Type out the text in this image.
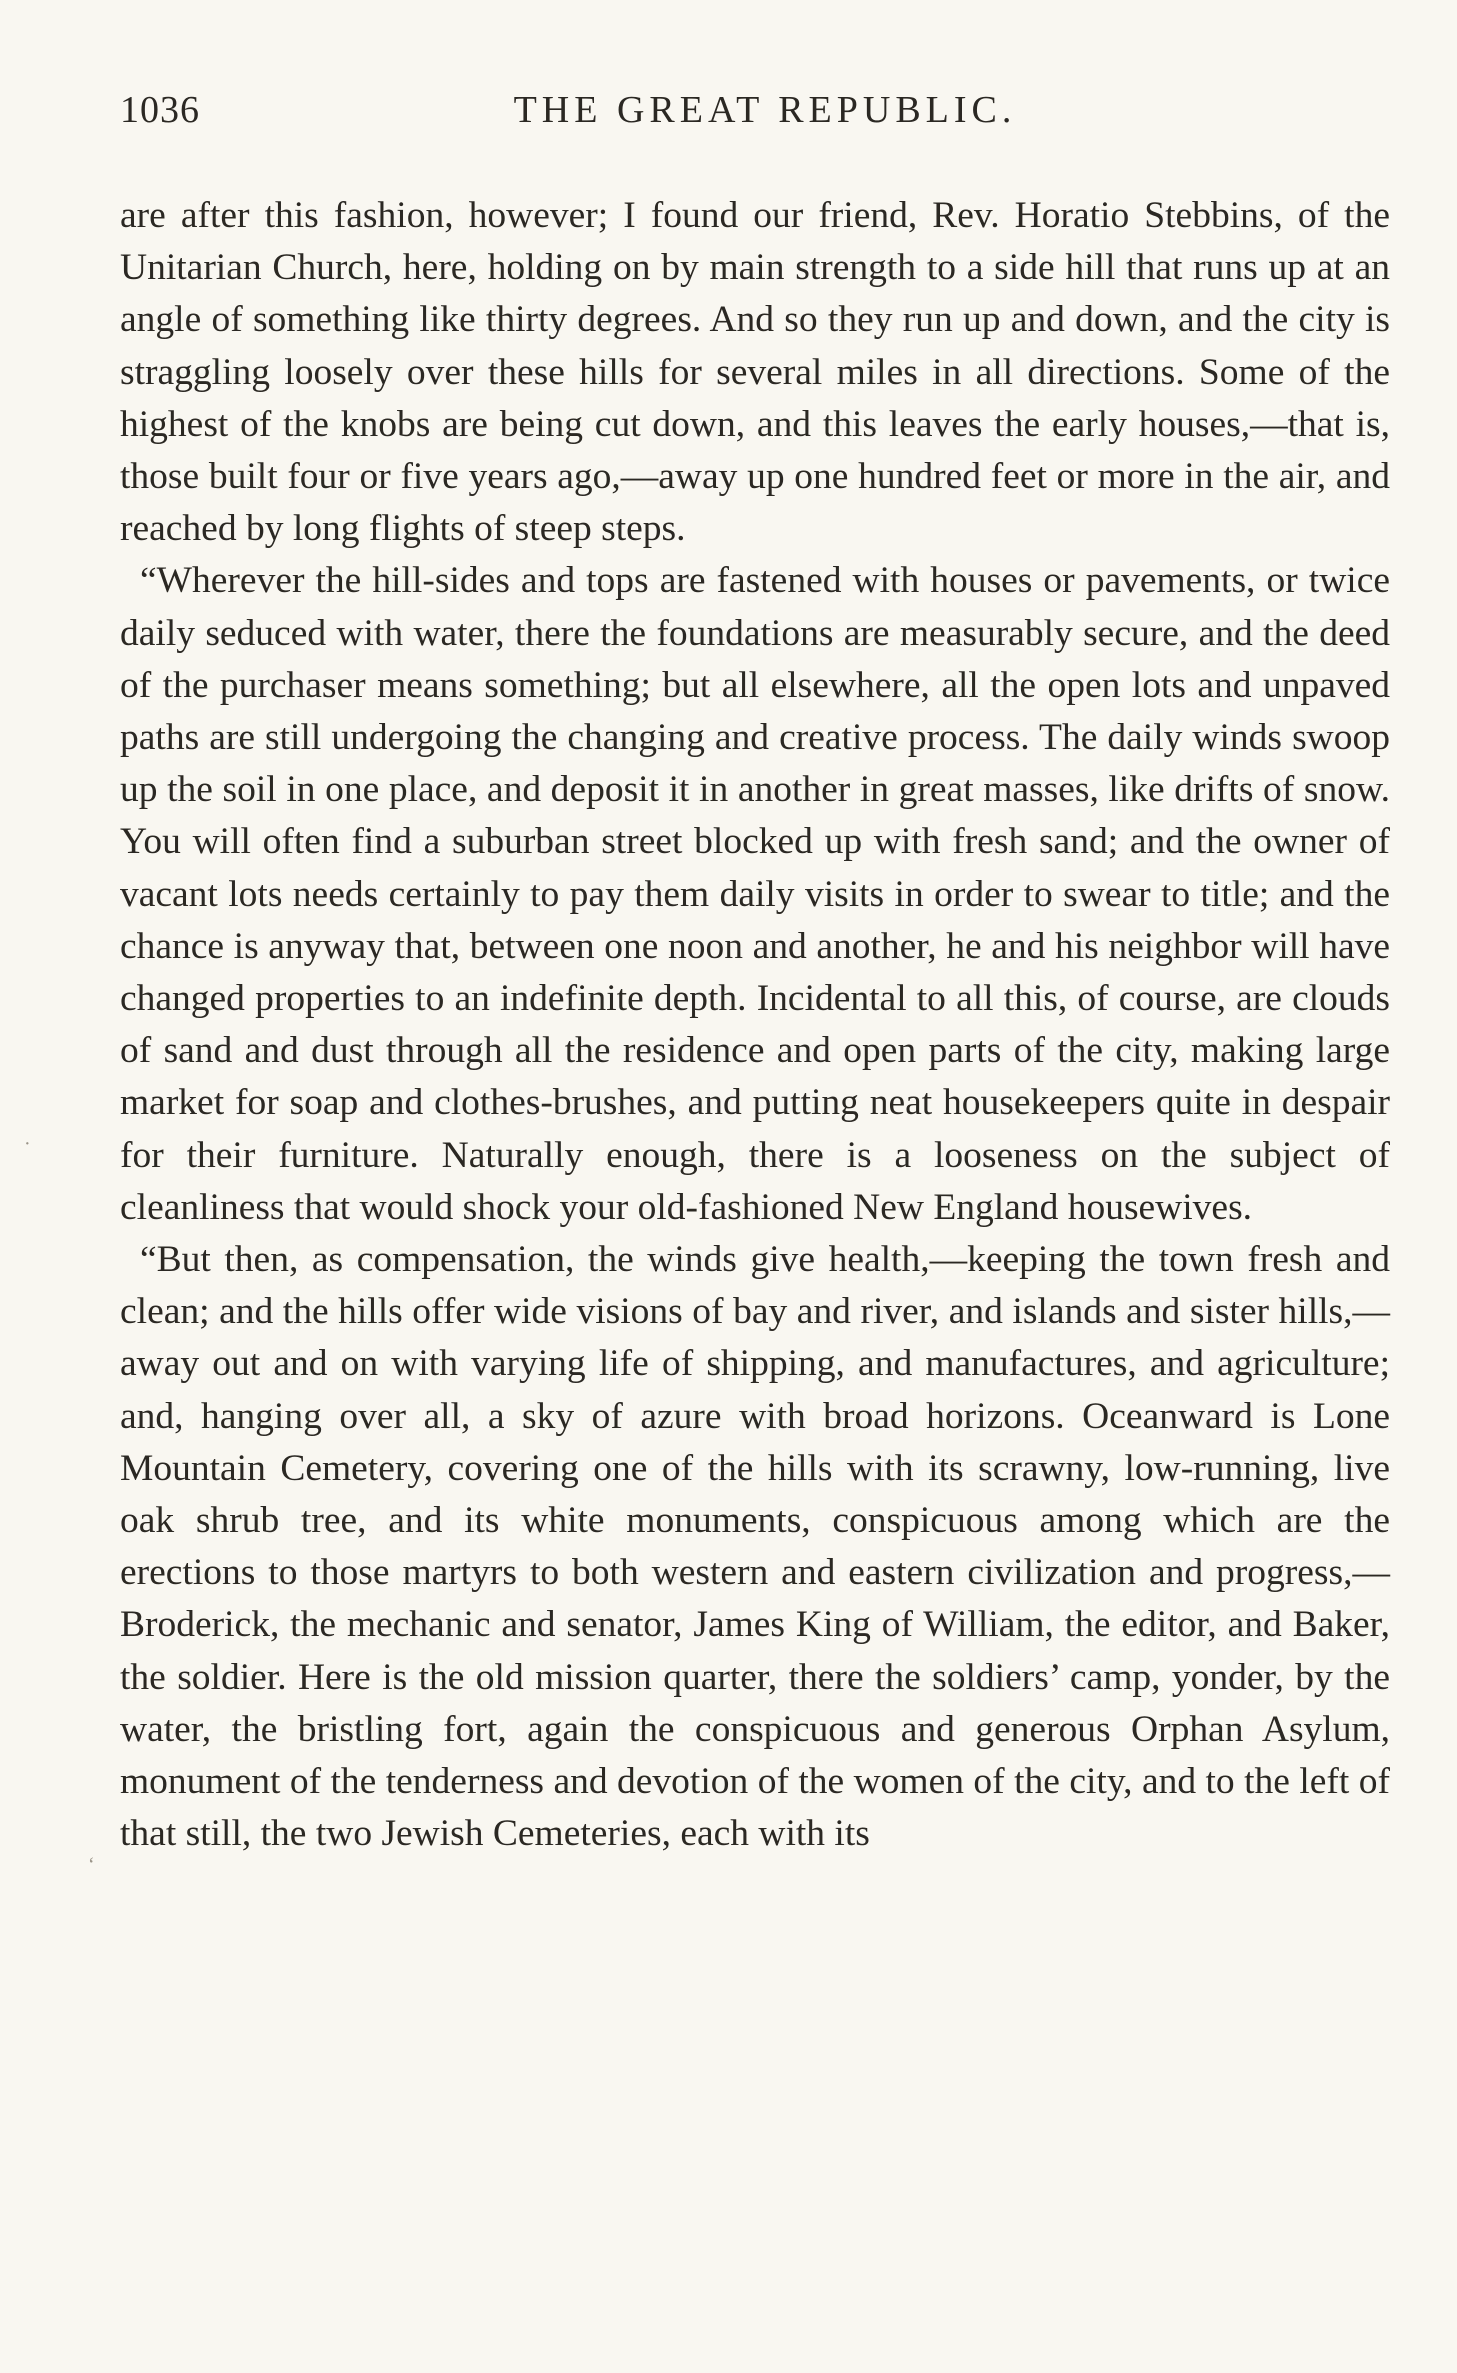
1036	THE GREAT REPUBLIC.

are after this fashion, however; I found our friend, Rev. Horatio Stebbins, of the Unitarian Church, here, holding on by main strength to a side hill that runs up at an angle of something like thirty degrees. And so they run up and down, and the city is straggling loosely over these hills for several miles in all directions. Some of the highest of the knobs are being cut down, and this leaves the early houses,—that is, those built four or five years ago,—away up one hundred feet or more in the air, and reached by long flights of steep steps.

“Wherever the hill-sides and tops are fastened with houses or pavements, or twice daily seduced with water, there the foundations are measurably secure, and the deed of the purchaser means something; but all elsewhere, all the open lots and unpaved paths are still undergoing the changing and creative process. The daily winds swoop up the soil in one place, and deposit it in another in great masses, like drifts of snow. You will often find a suburban street blocked up with fresh sand; and the owner of vacant lots needs certainly to pay them daily visits in order to swear to title; and the chance is anyway that, between one noon and another, he and his neighbor will have changed properties to an indefinite depth. Incidental to all this, of course, are clouds of sand and dust through all the residence and open parts of the city, making large market for soap and clothes-brushes, and putting neat housekeepers quite in despair for their furniture. Naturally enough, there is a looseness on the subject of cleanliness that would shock your old-fashioned New England housewives.

“But then, as compensation, the winds give health,—keeping the town fresh and clean; and the hills offer wide visions of bay and river, and islands and sister hills,—away out and on with varying life of shipping, and manufactures, and agriculture; and, hanging over all, a sky of azure with broad horizons. Oceanward is Lone Mountain Cemetery, covering one of the hills with its scrawny, low-running, live oak shrub tree, and its white monuments, conspicuous among which are the erections to those martyrs to both western and eastern civilization and progress,—Broderick, the mechanic and senator, James King of William, the editor, and Baker, the soldier. Here is the old mission quarter, there the soldiers’ camp, yonder, by the water, the bristling fort, again the conspicuous and generous Orphan Asylum, monument of the tenderness and devotion of the women of the city, and to the left of that still, the two Jewish Cemeteries, each with its

·
ʻ
